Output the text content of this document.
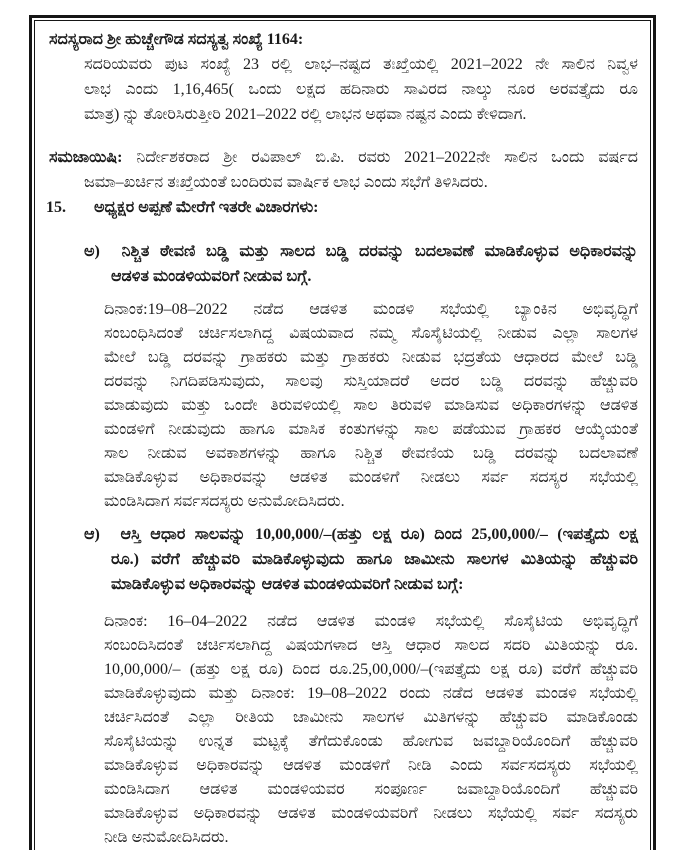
ಸದಸ್ಯರಾದ ಶ್ರೀ ಹುಚ್ಚೇಗೌಡ ಸದಸ್ಯತ್ವ ಸಂಖ್ಯೆ 1164:
ಸದರಿಯವರು ಪುಟ ಸಂಖ್ಯೆ 23 ರಲ್ಲಿ ಲಾಭ–ನಷ್ಟದ ತಃಖ್ತೆಯಲ್ಲಿ 2021–2022 ನೇ ಸಾಲಿನ ನಿವ್ವಳ
ಲಾಭ ಎಂದು 1,16,465( ಒಂದು ಲಕ್ಷದ ಹದಿನಾರು ಸಾವಿರದ ನಾಲ್ಕು ನೂರ ಅರವತ್ತೈದು ರೂ
ಮಾತ್ರ) ನ್ನು ತೋರಿಸಿರುತ್ತೀರಿ 2021–2022 ರಲ್ಲಿ ಲಾಭನ ಅಥವಾ ನಷ್ಟನ ಎಂದು ಕೇಳಿದಾಗ.
ಸಮಜಾಯಿಷಿ: ನಿರ್ದೇಶಕರಾದ ಶ್ರೀ ರವಿಪಾಲ್ ಬಿ.ಪಿ. ರವರು 2021–2022ನೇ ಸಾಲಿನ ಒಂದು ವರ್ಷದ
ಜಮಾ–ಖರ್ಚಿನ ತಃಖ್ತೆಯಂತೆ ಬಂದಿರುವ ವಾರ್ಷಿಕ ಲಾಭ ಎಂದು ಸಭೆಗೆ ತಿಳಿಸಿದರು.
15. ಅಧ್ಯಕ್ಷರ ಅಪ್ಪಣೆ ಮೇರೆಗೆ ಇತರೇ ವಿಚಾರಗಳು:
ಅ) ನಿಶ್ಚಿತ ಠೇವಣಿ ಬಡ್ಡಿ ಮತ್ತು ಸಾಲದ ಬಡ್ಡಿ ದರವನ್ನು ಬದಲಾವಣೆ ಮಾಡಿಕೊಳ್ಳುವ ಅಧಿಕಾರವನ್ನು
ಆಡಳಿತ ಮಂಡಳಿಯವರಿಗೆ ನೀಡುವ ಬಗ್ಗೆ.
ದಿನಾಂಕ:19–08–2022 ನಡೆದ ಆಡಳಿತ ಮಂಡಳಿ ಸಭೆಯಲ್ಲಿ ಬ್ಯಾಂಕಿನ ಅಭಿವೃದ್ಧಿಗೆ
ಸಂಬಂಧಿಸಿದಂತೆ ಚರ್ಚಿಸಲಾಗಿದ್ದ ವಿಷಯವಾದ ನಮ್ಮ ಸೊಸೈಟಿಯಲ್ಲಿ ನೀಡುವ ಎಲ್ಲಾ ಸಾಲಗಳ
ಮೇಲೆ ಬಡ್ಡಿ ದರವನ್ನು ಗ್ರಾಹಕರು ಮತ್ತು ಗ್ರಾಹಕರು ನೀಡುವ ಭದ್ರತೆಯ ಆಧಾರದ ಮೇಲೆ ಬಡ್ಡಿ
ದರವನ್ನು ನಿಗದಿಪಡಿಸುವುದು, ಸಾಲವು ಸುಸ್ತಿಯಾದರೆ ಅದರ ಬಡ್ಡಿ ದರವನ್ನು ಹೆಚ್ಚುವರಿ
ಮಾಡುವುದು ಮತ್ತು ಒಂದೇ ತಿರುವಳಿಯಲ್ಲಿ ಸಾಲ ತಿರುವಳಿ ಮಾಡಿಸುವ ಅಧಿಕಾರಗಳನ್ನು ಆಡಳಿತ
ಮಂಡಳಿಗೆ ನೀಡುವುದು ಹಾಗೂ ಮಾಸಿಕ ಕಂತುಗಳನ್ನು ಸಾಲ ಪಡೆಯುವ ಗ್ರಾಹಕರ ಆಯ್ಕೆಯಂತೆ
ಸಾಲ ನೀಡುವ ಅವಕಾಶಗಳನ್ನು ಹಾಗೂ ನಿಶ್ಚಿತ ಠೇವಣಿಯ ಬಡ್ಡಿ ದರವನ್ನು ಬದಲಾವಣೆ
ಮಾಡಿಕೊಳ್ಳುವ ಅಧಿಕಾರವನ್ನು ಆಡಳಿತ ಮಂಡಳಿಗೆ ನೀಡಲು ಸರ್ವ ಸದಸ್ಯರ ಸಭೆಯಲ್ಲಿ
ಮಂಡಿಸಿದಾಗ ಸರ್ವಸದಸ್ಯರು ಅನುಮೋದಿಸಿದರು.
ಆ) ಆಸ್ತಿ ಆಧಾರ ಸಾಲವನ್ನು 10,00,000/–(ಹತ್ತು ಲಕ್ಷ ರೂ) ದಿಂದ 25,00,000/– (ಇಪತ್ತೈದು ಲಕ್ಷ
ರೂ.) ವರೆಗೆ ಹೆಚ್ಚುವರಿ ಮಾಡಿಕೊಳ್ಳುವುದು ಹಾಗೂ ಜಾಮೀನು ಸಾಲಗಳ ಮಿತಿಯನ್ನು ಹೆಚ್ಚುವರಿ
ಮಾಡಿಕೊಳ್ಳುವ ಅಧಿಕಾರವನ್ನು ಆಡಳಿತ ಮಂಡಳಿಯವರಿಗೆ ನೀಡುವ ಬಗ್ಗೆ:
ದಿನಾಂಕ: 16–04–2022 ನಡೆದ ಆಡಳಿತ ಮಂಡಳಿ ಸಭೆಯಲ್ಲಿ ಸೊಸೈಟಿಯ ಅಭಿವೃದ್ಧಿಗೆ
ಸಂಬಂದಿಸಿದಂತೆ ಚರ್ಚಿಸಲಾಗಿದ್ದ ವಿಷಯಗಳಾದ ಆಸ್ತಿ ಆಧಾರ ಸಾಲದ ಸದರಿ ಮಿತಿಯನ್ನು ರೂ.
10,00,000/– (ಹತ್ತು ಲಕ್ಷ ರೂ) ದಿಂದ ರೂ.25,00,000/–(ಇಪತ್ತೈದು ಲಕ್ಷ ರೂ) ವರೆಗೆ ಹೆಚ್ಚುವರಿ
ಮಾಡಿಕೊಳ್ಳುವುದು ಮತ್ತು ದಿನಾಂಕ: 19–08–2022 ರಂದು ನಡೆದ ಆಡಳಿತ ಮಂಡಳಿ ಸಭೆಯಲ್ಲಿ
ಚರ್ಚಿಸಿದಂತೆ ಎಲ್ಲಾ ರೀತಿಯ ಜಾಮೀನು ಸಾಲಗಳ ಮಿತಿಗಳನ್ನು ಹೆಚ್ಚುವರಿ ಮಾಡಿಕೊಂಡು
ಸೊಸೈಟಿಯನ್ನು ಉನ್ನತ ಮಟ್ಟಕ್ಕೆ ತೆಗೆದುಕೊಂಡು ಹೋಗುವ ಜವಬ್ದಾರಿಯೊಂದಿಗೆ ಹೆಚ್ಚುವರಿ
ಮಾಡಿಕೊಳ್ಳುವ ಅಧಿಕಾರವನ್ನು ಆಡಳಿತ ಮಂಡಳಿಗೆ ನೀಡಿ ಎಂದು ಸರ್ವಸದಸ್ಯರು ಸಭೆಯಲ್ಲಿ
ಮಂಡಿಸಿದಾಗ ಆಡಳಿತ ಮಂಡಳಿಯವರ ಸಂಪೂರ್ಣ ಜವಾಬ್ದಾರಿಯೊಂದಿಗೆ ಹೆಚ್ಚುವರಿ
ಮಾಡಿಕೊಳ್ಳುವ ಅಧಿಕಾರವನ್ನು ಆಡಳಿತ ಮಂಡಳಿಯವರಿಗೆ ನೀಡಲು ಸಭೆಯಲ್ಲಿ ಸರ್ವ ಸದಸ್ಯರು
ನೀಡಿ ಅನುಮೋದಿಸಿದರು.
